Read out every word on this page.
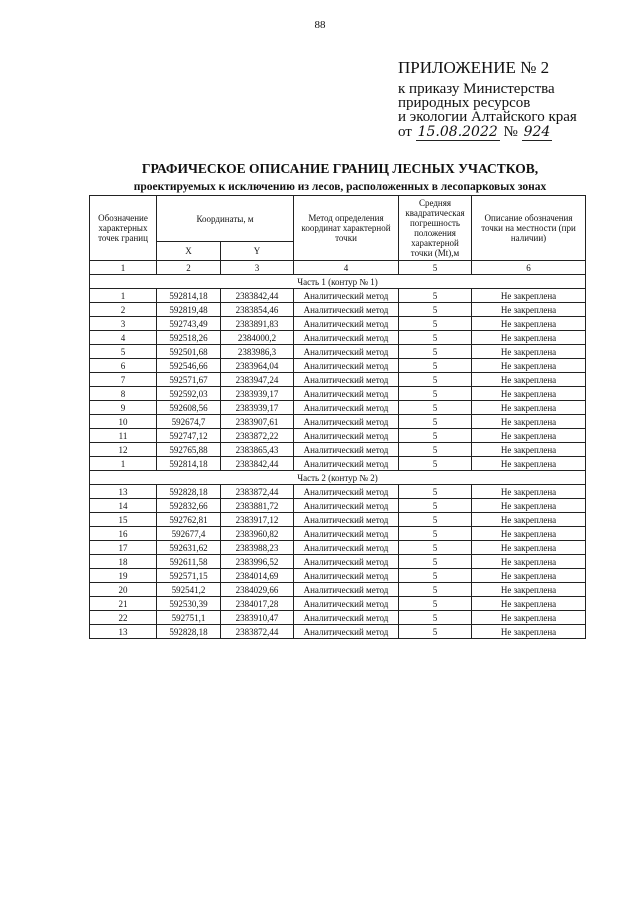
88
ПРИЛОЖЕНИЕ № 2
к приказу Министерства
природных ресурсов
и экологии Алтайского края
от 15.08.2022 № 924
ГРАФИЧЕСКОЕ ОПИСАНИЕ ГРАНИЦ ЛЕСНЫХ УЧАСТКОВ,
проектируемых к исключению из лесов, расположенных в лесопарковых зонах
Обозначение характерных точек границ	Координаты, м		Метод определения координат характерной точки	Средняя квадратическая погрешность положения характерной точки (Mt),м	Описание обозначения точки на местности (при наличии)
	X	Y			
1	2	3	4	5	6
Часть 1 (контур № 1)					
1	592814,18	2383842,44	Аналитический метод	5	Не закреплена
2	592819,48	2383854,46	Аналитический метод	5	Не закреплена
3	592743,49	2383891,83	Аналитический метод	5	Не закреплена
4	592518,26	2384000,2	Аналитический метод	5	Не закреплена
5	592501,68	2383986,3	Аналитический метод	5	Не закреплена
6	592546,66	2383964,04	Аналитический метод	5	Не закреплена
7	592571,67	2383947,24	Аналитический метод	5	Не закреплена
8	592592,03	2383939,17	Аналитический метод	5	Не закреплена
9	592608,56	2383939,17	Аналитический метод	5	Не закреплена
10	592674,7	2383907,61	Аналитический метод	5	Не закреплена
11	592747,12	2383872,22	Аналитический метод	5	Не закреплена
12	592765,88	2383865,43	Аналитический метод	5	Не закреплена
1	592814,18	2383842,44	Аналитический метод	5	Не закреплена
Часть 2 (контур № 2)					
13	592828,18	2383872,44	Аналитический метод	5	Не закреплена
14	592832,66	2383881,72	Аналитический метод	5	Не закреплена
15	592762,81	2383917,12	Аналитический метод	5	Не закреплена
16	592677,4	2383960,82	Аналитический метод	5	Не закреплена
17	592631,62	2383988,23	Аналитический метод	5	Не закреплена
18	592611,58	2383996,52	Аналитический метод	5	Не закреплена
19	592571,15	2384014,69	Аналитический метод	5	Не закреплена
20	592541,2	2384029,66	Аналитический метод	5	Не закреплена
21	592530,39	2384017,28	Аналитический метод	5	Не закреплена
22	592751,1	2383910,47	Аналитический метод	5	Не закреплена
13	592828,18	2383872,44	Аналитический метод	5	Не закреплена
